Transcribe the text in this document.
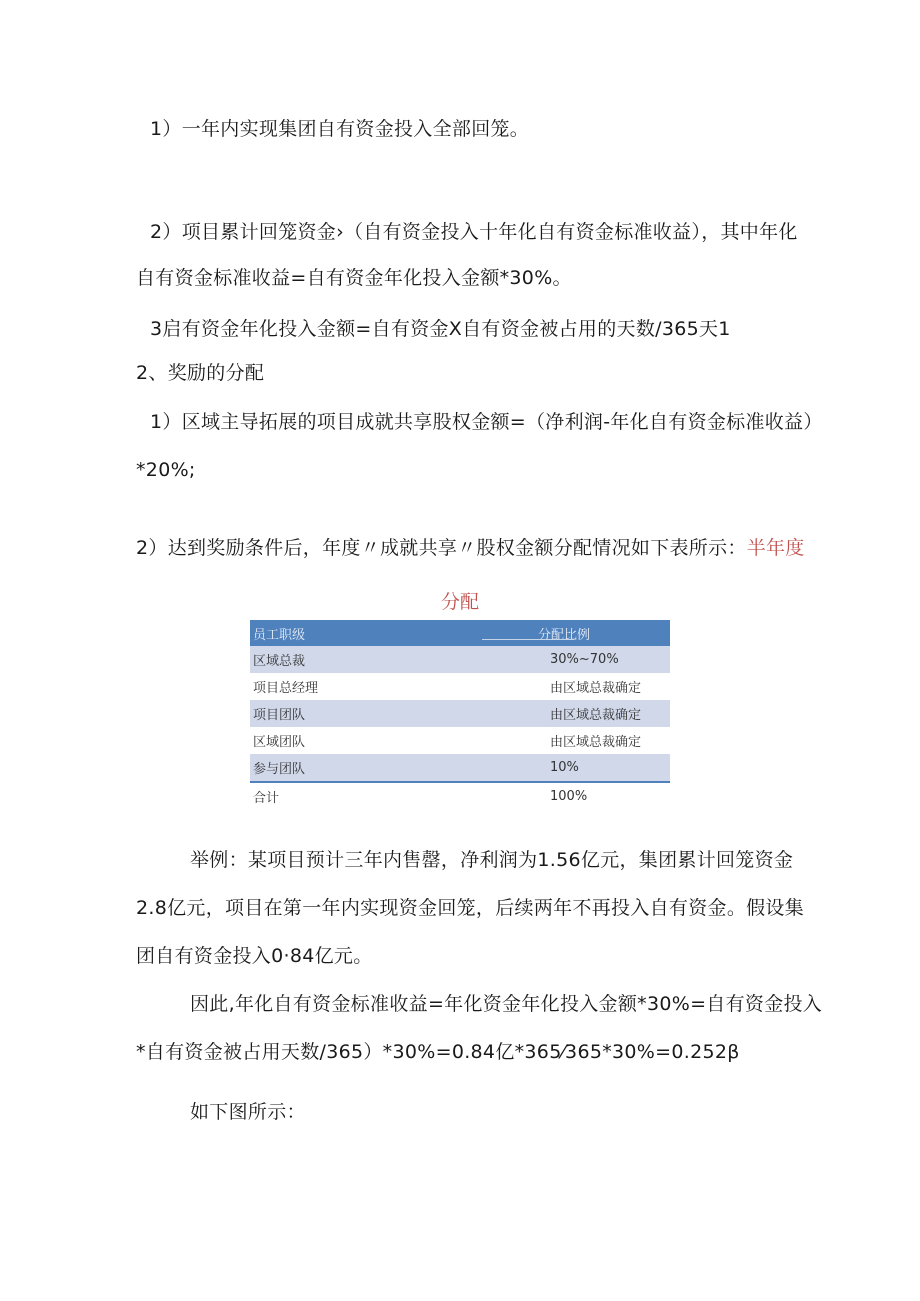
1）一年内实现集团自有资金投入全部回笼。
2）项目累计回笼资金›（自有资金投入十年化自有资金标准收益），其中年化
自有资金标准收益=自有资金年化投入金额*30%。
3启有资金年化投入金额=自有资金X自有资金被占用的天数/365天1
2、奖励的分配
1）区域主导拓展的项目成就共享股权金额=（净利润-年化自有资金标准收益）
*20%;
2）达到奖励条件后，年度〃成就共享〃股权金额分配情况如下表所示：半年度
分配
员工职级	分配比例
区域总裁	30%~70%
项目总经理	由区域总裁确定
项目团队	由区域总裁确定
区域团队	由区域总裁确定
参与团队	10%
合计	100%
举例：某项目预计三年内售罄，净利润为1.56亿元，集团累计回笼资金
2.8亿元，项目在第一年内实现资金回笼，后续两年不再投入自有资金。假设集
团自有资金投入0·84亿元。
因此,年化自有资金标准收益=年化资金年化投入金额*30%=自有资金投入
*自有资金被占用天数/365）*30%=0.84亿*365⁄365*30%=0.252β
如下图所示：
